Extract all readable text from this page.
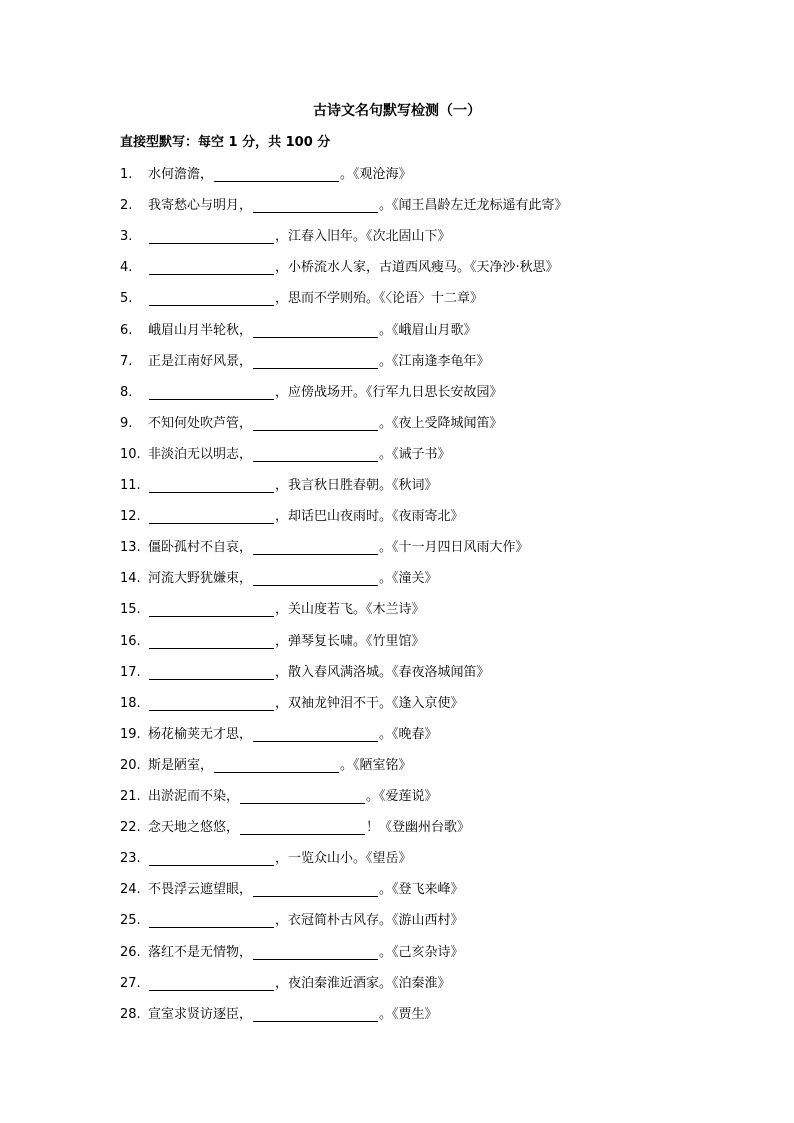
古诗文名句默写检测（一）
直接型默写：每空 1 分，共 100 分
1.	水何澹澹，	。《观沧海》
2.	我寄愁心与明月，	。《闻王昌龄左迁龙标遥有此寄》
3.	，江春入旧年。《次北固山下》
4.	，小桥流水人家，古道西风瘦马。《天净沙·秋思》
5.	，思而不学则殆。《〈论语〉十二章》
6.	峨眉山月半轮秋，	。《峨眉山月歌》
7.	正是江南好风景，	。《江南逢李龟年》
8.	，应傍战场开。《行军九日思长安故园》
9.	不知何处吹芦管，	。《夜上受降城闻笛》
10. 非淡泊无以明志，	。《诫子书》
11.	，我言秋日胜春朝。《秋词》
12.	，却话巴山夜雨时。《夜雨寄北》
13. 僵卧孤村不自哀，	。《十一月四日风雨大作》
14. 河流大野犹嫌束，	。《潼关》
15.	，关山度若飞。《木兰诗》
16.	，弹琴复长啸。《竹里馆》
17.	，散入春风满洛城。《春夜洛城闻笛》
18.	，双袖龙钟泪不干。《逢入京使》
19. 杨花榆荚无才思，	。《晚春》
20. 斯是陋室，	。《陋室铭》
21. 出淤泥而不染，	。《爱莲说》
22. 念天地之悠悠，	！《登幽州台歌》
23.	，一览众山小。《望岳》
24. 不畏浮云遮望眼，	。《登飞来峰》
25.	，衣冠简朴古风存。《游山西村》
26. 落红不是无情物，	。《己亥杂诗》
27.	，夜泊秦淮近酒家。《泊秦淮》
28. 宣室求贤访逐臣，	。《贾生》
